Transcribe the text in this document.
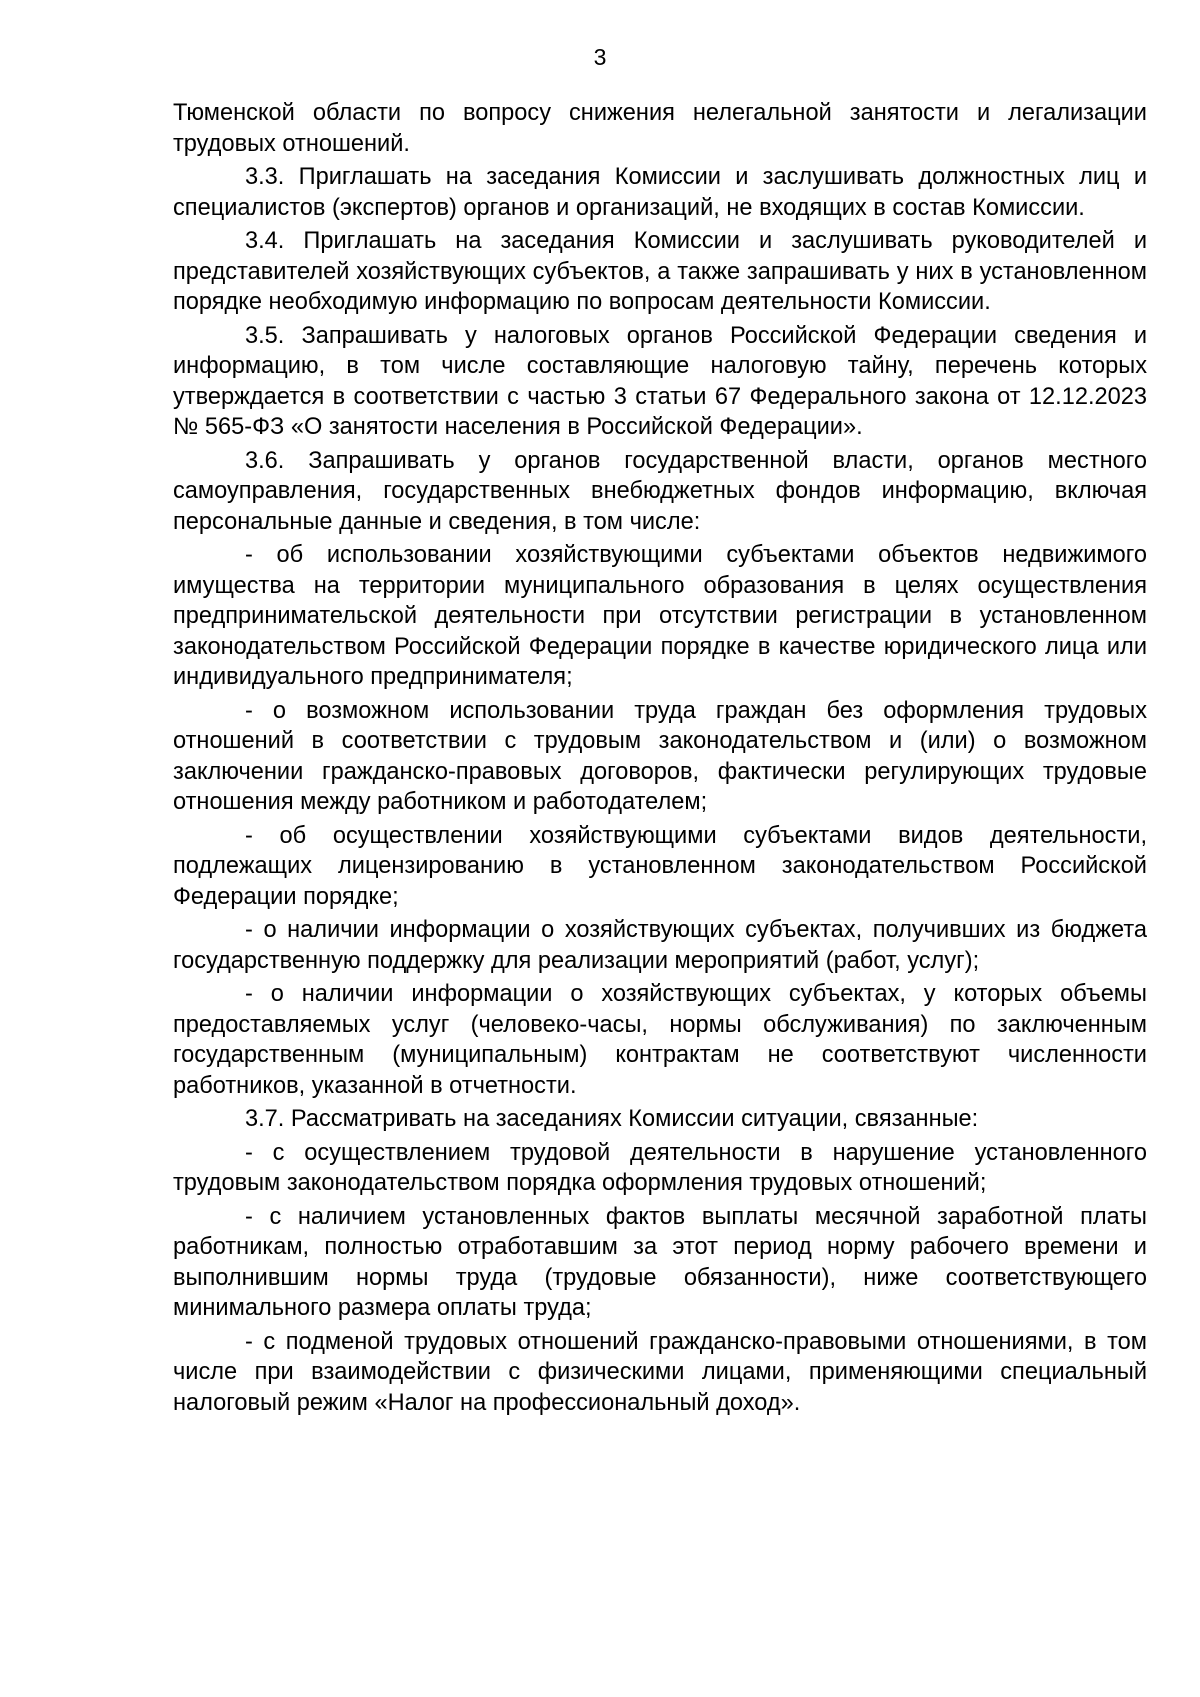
3

Тюменской области по вопросу снижения нелегальной занятости и легализации трудовых отношений.

3.3. Приглашать на заседания Комиссии и заслушивать должностных лиц и специалистов (экспертов) органов и организаций, не входящих в состав Комиссии.

3.4. Приглашать на заседания Комиссии и заслушивать руководителей и представителей хозяйствующих субъектов, а также запрашивать у них в установленном порядке необходимую информацию по вопросам деятельности Комиссии.

3.5. Запрашивать у налоговых органов Российской Федерации сведения и информацию, в том числе составляющие налоговую тайну, перечень которых утверждается в соответствии с частью 3 статьи 67 Федерального закона от 12.12.2023 № 565-ФЗ «О занятости населения в Российской Федерации».

3.6. Запрашивать у органов государственной власти, органов местного самоуправления, государственных внебюджетных фондов информацию, включая персональные данные и сведения, в том числе:

- об использовании хозяйствующими субъектами объектов недвижимого имущества на территории муниципального образования в целях осуществления предпринимательской деятельности при отсутствии регистрации в установленном законодательством Российской Федерации порядке в качестве юридического лица или индивидуального предпринимателя;

- о возможном использовании труда граждан без оформления трудовых отношений в соответствии с трудовым законодательством и (или) о возможном заключении гражданско-правовых договоров, фактически регулирующих трудовые отношения между работником и работодателем;

- об осуществлении хозяйствующими субъектами видов деятельности, подлежащих лицензированию в установленном законодательством Российской Федерации порядке;

- о наличии информации о хозяйствующих субъектах, получивших из бюджета государственную поддержку для реализации мероприятий (работ, услуг);

- о наличии информации о хозяйствующих субъектах, у которых объемы предоставляемых услуг (человеко-часы, нормы обслуживания) по заключенным государственным (муниципальным) контрактам не соответствуют численности работников, указанной в отчетности.

3.7. Рассматривать на заседаниях Комиссии ситуации, связанные:

- с осуществлением трудовой деятельности в нарушение установленного трудовым законодательством порядка оформления трудовых отношений;

- с наличием установленных фактов выплаты месячной заработной платы работникам, полностью отработавшим за этот период норму рабочего времени и выполнившим нормы труда (трудовые обязанности), ниже соответствующего минимального размера оплаты труда;

- с подменой трудовых отношений гражданско-правовыми отношениями, в том числе при взаимодействии с физическими лицами, применяющими специальный налоговый режим «Налог на профессиональный доход».
